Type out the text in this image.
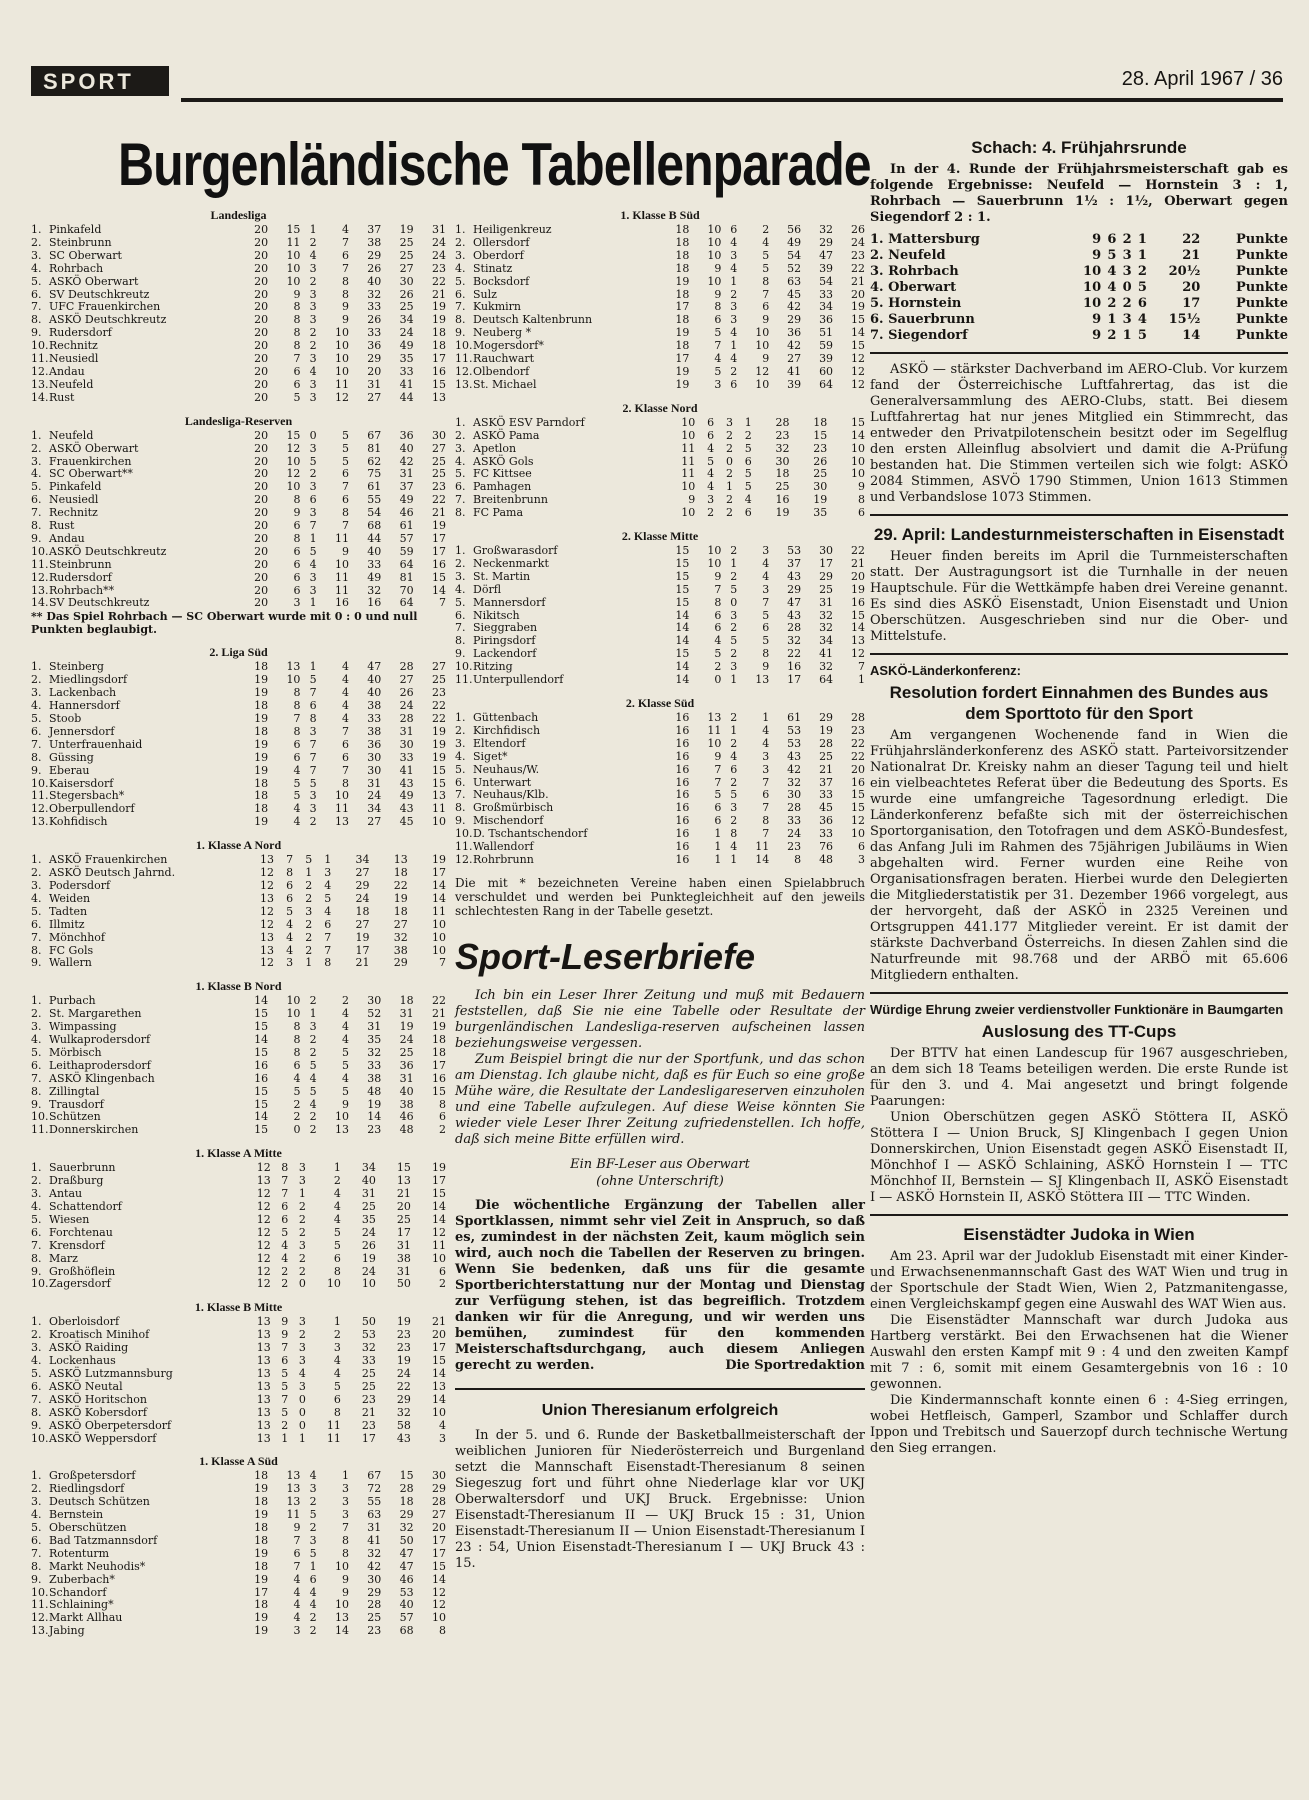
SPORT	28. April 1967 / 36
Burgenländische Tabellenparade
Landesliga
1.	Pinkafeld	20	15	1	4	37	19	31
2.	Steinbrunn	20	11	2	7	38	25	24
3.	SC Oberwart	20	10	4	6	29	25	24
4.	Rohrbach	20	10	3	7	26	27	23
5.	ASKÖ Oberwart	20	10	2	8	40	30	22
6.	SV Deutschkreutz	20	9	3	8	32	26	21
7.	UFC Frauenkirchen	20	8	3	9	33	25	19
8.	ASKÖ Deutschkreutz	20	8	3	9	26	34	19
9.	Rudersdorf	20	8	2	10	33	24	18
10.	Rechnitz	20	8	2	10	36	49	18
11.	Neusiedl	20	7	3	10	29	35	17
12.	Andau	20	6	4	10	20	33	16
13.	Neufeld	20	6	3	11	31	41	15
14.	Rust	20	5	3	12	27	44	13
Landesliga-Reserven
1.	Neufeld	20	15	0	5	67	36	30
2.	ASKÖ Oberwart	20	12	3	5	81	40	27
3.	Frauenkirchen	20	10	5	5	62	42	25
4.	SC Oberwart**	20	12	2	6	75	31	25
5.	Pinkafeld	20	10	3	7	61	37	23
6.	Neusiedl	20	8	6	6	55	49	22
7.	Rechnitz	20	9	3	8	54	46	21
8.	Rust	20	6	7	7	68	61	19
9.	Andau	20	8	1	11	44	57	17
10.	ASKÖ Deutschkreutz	20	6	5	9	40	59	17
11.	Steinbrunn	20	6	4	10	33	64	16
12.	Rudersdorf	20	6	3	11	49	81	15
13.	Rohrbach**	20	6	3	11	32	70	14
14.	SV Deutschkreutz	20	3	1	16	16	64	7
** Das Spiel Rohrbach — SC Oberwart wurde mit 0 : 0 und null Punkten beglaubigt.
2. Liga Süd
1.	Steinberg	18	13	1	4	47	28	27
2.	Miedlingsdorf	19	10	5	4	40	27	25
3.	Lackenbach	19	8	7	4	40	26	23
4.	Hannersdorf	18	8	6	4	38	24	22
5.	Stoob	19	7	8	4	33	28	22
6.	Jennersdorf	18	8	3	7	38	31	19
7.	Unterfrauenhaid	19	6	7	6	36	30	19
8.	Güssing	19	6	7	6	30	33	19
9.	Eberau	19	4	7	7	30	41	15
10.	Kaisersdorf	18	5	5	8	31	43	15
11.	Stegersbach*	18	5	3	10	24	49	13
12.	Oberpullendorf	18	4	3	11	34	43	11
13.	Kohfidisch	19	4	2	13	27	45	10
1. Klasse A Nord
1.	ASKÖ Frauenkirchen	13	7	5	1	34	13	19
2.	ASKÖ Deutsch Jahrnd.	12	8	1	3	27	18	17
3.	Podersdorf	12	6	2	4	29	22	14
4.	Weiden	13	6	2	5	24	19	14
5.	Tadten	12	5	3	4	18	18	11
6.	Illmitz	12	4	2	6	27	27	10
7.	Mönchhof	13	4	2	7	19	32	10
8.	FC Gols	13	4	2	7	17	38	10
9.	Wallern	12	3	1	8	21	29	7
1. Klasse B Nord
1.	Purbach	14	10	2	2	30	18	22
2.	St. Margarethen	15	10	1	4	52	31	21
3.	Wimpassing	15	8	3	4	31	19	19
4.	Wulkaprodersdorf	14	8	2	4	35	24	18
5.	Mörbisch	15	8	2	5	32	25	18
6.	Leithaprodersdorf	16	6	5	5	33	36	17
7.	ASKÖ Klingenbach	16	4	4	4	38	31	16
8.	Zillingtal	15	5	5	5	48	40	15
9.	Trausdorf	15	2	4	9	19	38	8
10.	Schützen	14	2	2	10	14	46	6
11.	Donnerskirchen	15	0	2	13	23	48	2
1. Klasse A Mitte
1.	Sauerbrunn	12	8	3	1	34	15	19
2.	Draßburg	13	7	3	2	40	13	17
3.	Antau	12	7	1	4	31	21	15
4.	Schattendorf	12	6	2	4	25	20	14
5.	Wiesen	12	6	2	4	35	25	14
6.	Forchtenau	12	5	2	5	24	17	12
7.	Krensdorf	12	4	3	5	26	31	11
8.	Marz	12	4	2	6	19	38	10
9.	Großhöflein	12	2	2	8	24	31	6
10.	Zagersdorf	12	2	0	10	10	50	2
1. Klasse B Mitte
1.	Oberloisdorf	13	9	3	1	50	19	21
2.	Kroatisch Minihof	13	9	2	2	53	23	20
3.	ASKÖ Raiding	13	7	3	3	32	23	17
4.	Lockenhaus	13	6	3	4	33	19	15
5.	ASKÖ Lutzmannsburg	13	5	4	4	25	24	14
6.	ASKÖ Neutal	13	5	3	5	25	22	13
7.	ASKÖ Horitschon	13	7	0	6	23	29	14
8.	ASKÖ Kobersdorf	13	5	0	8	21	32	10
9.	ASKÖ Oberpetersdorf	13	2	0	11	23	58	4
10.	ASKÖ Weppersdorf	13	1	1	11	17	43	3
1. Klasse A Süd
1.	Großpetersdorf	18	13	4	1	67	15	30
2.	Riedlingsdorf	19	13	3	3	72	28	29
3.	Deutsch Schützen	18	13	2	3	55	18	28
4.	Bernstein	19	11	5	3	63	29	27
5.	Oberschützen	18	9	2	7	31	32	20
6.	Bad Tatzmannsdorf	18	7	3	8	41	50	17
7.	Rotenturm	19	6	5	8	32	47	17
8.	Markt Neuhodis*	18	7	1	10	42	47	15
9.	Zuberbach*	19	4	6	9	30	46	14
10.	Schandorf	17	4	4	9	29	53	12
11.	Schlaining*	18	4	4	10	28	40	12
12.	Markt Allhau	19	4	2	13	25	57	10
13.	Jabing	19	3	2	14	23	68	8
1. Klasse B Süd
1.	Heiligenkreuz	18	10	6	2	56	32	26
2.	Ollersdorf	18	10	4	4	49	29	24
3.	Oberdorf	18	10	3	5	54	47	23
4.	Stinatz	18	9	4	5	52	39	22
5.	Bocksdorf	19	10	1	8	63	54	21
6.	Sulz	18	9	2	7	45	33	20
7.	Kukmirn	17	8	3	6	42	34	19
8.	Deutsch Kaltenbrunn	18	6	3	9	29	36	15
9.	Neuberg *	19	5	4	10	36	51	14
10.	Mogersdorf*	18	7	1	10	42	59	15
11.	Rauchwart	17	4	4	9	27	39	12
12.	Olbendorf	19	5	2	12	41	60	12
13.	St. Michael	19	3	6	10	39	64	12
2. Klasse Nord
1.	ASKÖ ESV Parndorf	10	6	3	1	28	18	15
2.	ASKÖ Pama	10	6	2	2	23	15	14
3.	Apetlon	11	4	2	5	32	23	10
4.	ASKÖ Gols	11	5	0	6	30	26	10
5.	FC Kittsee	11	4	2	5	18	25	10
6.	Pamhagen	10	4	1	5	25	30	9
7.	Breitenbrunn	9	3	2	4	16	19	8
8.	FC Pama	10	2	2	6	19	35	6
2. Klasse Mitte
1.	Großwarasdorf	15	10	2	3	53	30	22
2.	Neckenmarkt	15	10	1	4	37	17	21
3.	St. Martin	15	9	2	4	43	29	20
4.	Dörfl	15	7	5	3	29	25	19
5.	Mannersdorf	15	8	0	7	47	31	16
6.	Nikitsch	14	6	3	5	43	32	15
7.	Sieggraben	14	6	2	6	28	32	14
8.	Piringsdorf	14	4	5	5	32	34	13
9.	Lackendorf	15	5	2	8	22	41	12
10.	Ritzing	14	2	3	9	16	32	7
11.	Unterpullendorf	14	0	1	13	17	64	1
2. Klasse Süd
1.	Güttenbach	16	13	2	1	61	29	28
2.	Kirchfidisch	16	11	1	4	53	19	23
3.	Eltendorf	16	10	2	4	53	28	22
4.	Siget*	16	9	4	3	43	25	22
5.	Neuhaus/W.	16	7	6	3	42	21	20
6.	Unterwart	16	7	2	7	32	37	16
7.	Neuhaus/Klb.	16	5	5	6	30	33	15
8.	Großmürbisch	16	6	3	7	28	45	15
9.	Mischendorf	16	6	2	8	33	36	12
10.	D. Tschantschendorf	16	1	8	7	24	33	10
11.	Wallendorf	16	1	4	11	23	76	6
12.	Rohrbrunn	16	1	1	14	8	48	3
Die mit * bezeichneten Vereine haben einen Spielabbruch verschuldet und werden bei Punktegleichheit auf den jeweils schlechtesten Rang in der Tabelle gesetzt.
Sport-Leserbriefe

Ich bin ein Leser Ihrer Zeitung und muß mit Bedauern feststellen, daß Sie nie eine Tabelle oder Resultate der burgenländischen Landesliga-reserven aufscheinen lassen beziehungsweise vergessen.

Zum Beispiel bringt die nur der Sportfunk, und das schon am Dienstag. Ich glaube nicht, daß es für Euch so eine große Mühe wäre, die Resultate der Landesligareserven einzuholen und eine Tabelle aufzulegen. Auf diese Weise könnten Sie wieder viele Leser Ihrer Zeitung zufriedenstellen. Ich hoffe, daß sich meine Bitte erfüllen wird.

Ein BF-Leser aus Oberwart
(ohne Unterschrift)
Die wöchentliche Ergänzung der Tabellen aller Sportklassen, nimmt sehr viel Zeit in Anspruch, so daß es, zumindest in der nächsten Zeit, kaum möglich sein wird, auch noch die Tabellen der Reserven zu bringen. Wenn Sie bedenken, daß uns für die gesamte Sportberichterstattung nur der Montag und Dienstag zur Verfügung stehen, ist das begreiflich. Trotzdem danken wir für die Anregung, und wir werden uns bemühen, zumindest für den kommenden Meisterschaftsdurchgang, auch diesem Anliegen gerecht zu werden.	Die Sportredaktion
Union Theresianum erfolgreich

In der 5. und 6. Runde der Basketballmeisterschaft der weiblichen Junioren für Niederösterreich und Burgenland setzt die Mannschaft Eisenstadt-Theresianum 8 seinen Siegeszug fort und führt ohne Niederlage klar vor UKJ Oberwaltersdorf und UKJ Bruck. Ergebnisse: Union Eisenstadt-Theresianum II — UKJ Bruck 15 : 31, Union Eisenstadt-Theresianum II — Union Eisenstadt-Theresianum I 23 : 54, Union Eisenstadt-Theresianum I — UKJ Bruck 43 : 15.

Schach: 4. Frühjahrsrunde
In der 4. Runde der Frühjahrsmeisterschaft gab es folgende Ergebnisse: Neufeld — Hornstein 3 : 1, Rohrbach — Sauerbrunn 1½ : 1½, Oberwart gegen Siegendorf 2 : 1.
1. Mattersburg	9	6	2	1	22	Punkte
2. Neufeld	9	5	3	1	21	Punkte
3. Rohrbach	10	4	3	2	20½	Punkte
4. Oberwart	10	4	0	5	20	Punkte
5. Hornstein	10	2	2	6	17	Punkte
6. Sauerbrunn	9	1	3	4	15½	Punkte
7. Siegendorf	9	2	1	5	14	Punkte

ASKÖ — stärkster Dachverband im AERO-Club. Vor kurzem fand der Österreichische Luftfahrertag, das ist die Generalversammlung des AERO-Clubs, statt. Bei diesem Luftfahrertag hat nur jenes Mitglied ein Stimmrecht, das entweder den Privatpilotenschein besitzt oder im Segelflug den ersten Alleinflug absolviert und damit die A-Prüfung bestanden hat. Die Stimmen verteilen sich wie folgt: ASKÖ 2084 Stimmen, ASVÖ 1790 Stimmen, Union 1613 Stimmen und Verbandslose 1073 Stimmen.

29. April: Landesturnmeisterschaften in Eisenstadt

Heuer finden bereits im April die Turnmeisterschaften statt. Der Austragungsort ist die Turnhalle in der neuen Hauptschule. Für die Wettkämpfe haben drei Vereine genannt. Es sind dies ASKÖ Eisenstadt, Union Eisenstadt und Union Oberschützen. Ausgeschrieben sind nur die Ober- und Mittelstufe.

ASKÖ-Länderkonferenz:
Resolution fordert Einnahmen des Bundes aus dem Sporttoto für den Sport

Am vergangenen Wochenende fand in Wien die Frühjahrsländerkonferenz des ASKÖ statt. Parteivorsitzender Nationalrat Dr. Kreisky nahm an dieser Tagung teil und hielt ein vielbeachtetes Referat über die Bedeutung des Sports. Es wurde eine umfangreiche Tagesordnung erledigt. Die Länderkonferenz befaßte sich mit der österreichischen Sportorganisation, den Totofragen und dem ASKÖ-Bundesfest, das Anfang Juli im Rahmen des 75jährigen Jubiläums in Wien abgehalten wird. Ferner wurden eine Reihe von Organisationsfragen beraten. Hierbei wurde den Delegierten die Mitgliederstatistik per 31. Dezember 1966 vorgelegt, aus der hervorgeht, daß der ASKÖ in 2325 Vereinen und Ortsgruppen 441.177 Mitglieder vereint. Er ist damit der stärkste Dachverband Österreichs. In diesen Zahlen sind die Naturfreunde mit 98.768 und der ARBÖ mit 65.606 Mitgliedern enthalten.

Würdige Ehrung zweier verdienstvoller Funktionäre in Baumgarten
Auslosung des TT-Cups

Der BTTV hat einen Landescup für 1967 ausgeschrieben, an dem sich 18 Teams beteiligen werden. Die erste Runde ist für den 3. und 4. Mai angesetzt und bringt folgende Paarungen:

Union Oberschützen gegen ASKÖ Stöttera II, ASKÖ Stöttera I — Union Bruck, SJ Klingenbach I gegen Union Donnerskirchen, Union Eisenstadt gegen ASKÖ Eisenstadt II, Mönchhof I — ASKÖ Schlaining, ASKÖ Hornstein I — TTC Mönchhof II, Bernstein — SJ Klingenbach II, ASKÖ Eisenstadt I — ASKÖ Hornstein II, ASKÖ Stöttera III — TTC Winden.

Eisenstädter Judoka in Wien

Am 23. April war der Judoklub Eisenstadt mit einer Kinder- und Erwachsenenmannschaft Gast des WAT Wien und trug in der Sportschule der Stadt Wien, Wien 2, Patzmanitengasse, einen Vergleichskampf gegen eine Auswahl des WAT Wien aus.

Die Eisenstädter Mannschaft war durch Judoka aus Hartberg verstärkt. Bei den Erwachsenen hat die Wiener Auswahl den ersten Kampf mit 9 : 4 und den zweiten Kampf mit 7 : 6, somit mit einem Gesamtergebnis von 16 : 10 gewonnen.

Die Kindermannschaft konnte einen 6 : 4-Sieg erringen, wobei Hetfleisch, Gamperl, Szambor und Schlaffer durch Ippon und Trebitsch und Sauerzopf durch technische Wertung den Sieg errangen.
